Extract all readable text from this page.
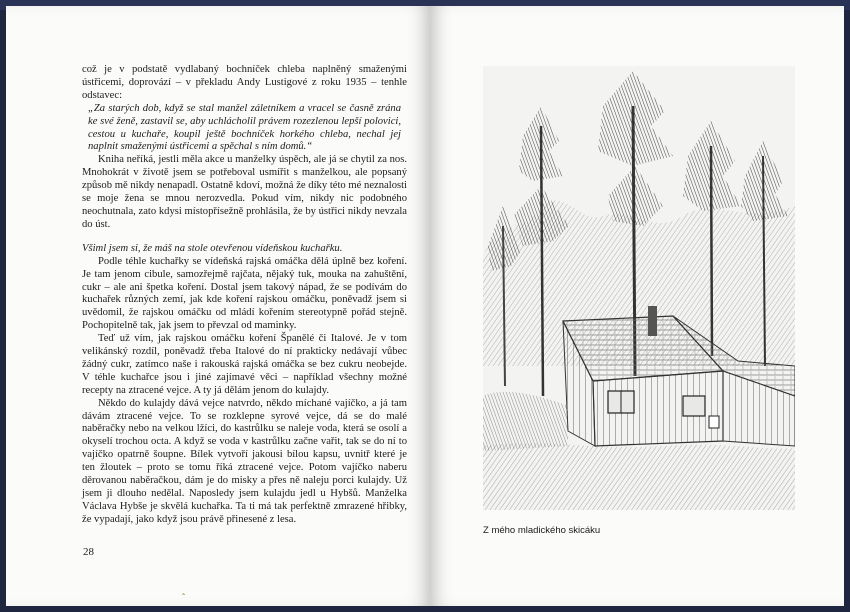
což je v podstatě vydlabaný bochníček chleba naplněný smaženými ústřicemi, doprovází – v překladu Andy Lustigové z roku 1935 – tenhle odstavec:

„Za starých dob, když se stal manžel záletníkem a vracel se časně zrána ke své ženě, zastavil se, aby uchlácholil právem rozezlenou lepší polovici, cestou u kuchaře, koupil ještě bochníček horkého chleba, nechal jej naplnit smaženými ústřicemi a spěchal s ním domů.“

Kniha neříká, jestli měla akce u manželky úspěch, ale já se chytil za nos. Mnohokrát v životě jsem se potřeboval usmířit s manželkou, ale popsaný způsob mě nikdy nenapadl. Ostatně kdoví, možná že díky této mé neznalosti se moje žena se mnou nerozvedla. Pokud vím, nikdy nic podobného neochutnala, zato kdysi místopřísežně prohlásila, že by ústřici nikdy nevzala do úst.

Všiml jsem si, že máš na stole otevřenou vídeňskou kuchařku.

Podle téhle kuchařky se vídeňská rajská omáčka dělá úplně bez koření. Je tam jenom cibule, samozřejmě rajčata, nějaký tuk, mouka na zahuštění, cukr – ale ani špetka koření. Dostal jsem takový nápad, že se podívám do kuchařek různých zemí, jak kde koření rajskou omáčku, poněvadž jsem si uvědomil, že rajskou omáčku od mládí kořením stereotypně pořád stejně. Pochopitelně tak, jak jsem to převzal od maminky.

Teď už vím, jak rajskou omáčku koření Španělé či Italové. Je v tom velikánský rozdíl, poněvadž třeba Italové do ní prakticky nedávají vůbec žádný cukr, zatímco naše i rakouská rajská omáčka se bez cukru neobejde. V téhle kuchařce jsou i jiné zajímavé věci – například všechny možné recepty na ztracené vejce. A ty já dělám jenom do kulajdy.

Někdo do kulajdy dává vejce natvrdo, někdo míchané vajíčko, a já tam dávám ztracené vejce. To se rozklepne syrové vejce, dá se do malé naběračky nebo na velkou lžíci, do kastrůlku se naleje voda, která se osolí a okyselí trochou octa. A když se voda v kastrůlku začne vařit, tak se do ní to vajíčko opatrně šoupne. Bílek vytvoří jakousi bílou kapsu, uvnitř které je ten žloutek – proto se tomu říká ztracené vejce. Potom vajíčko naberu děrovanou naběračkou, dám je do misky a přes ně naleju porci kulajdy. Už jsem ji dlouho nedělal. Naposledy jsem kulajdu jedl u Hybšů. Manželka Václava Hybše je skvělá kuchařka. Ta ti má tak perfektně zmrazené hřibky, že vypadají, jako když jsou právě přinesené z lesa.

28
ˆ
Z mého mladického skicáku
